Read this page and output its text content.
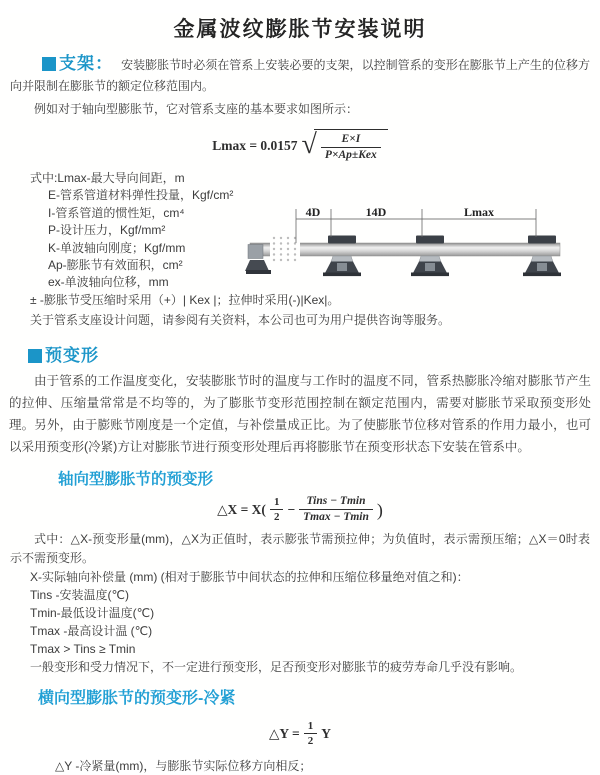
金属波纹膨胀节安装说明

支架： 安装膨胀节时必须在管系上安装必要的支架，以控制管系的变形在膨胀节上产生的位移方向并限制在膨胀节的额定位移范围内。

例如对于轴向型膨胀节，它对管系支座的基本要求如图所示：

Lmax = 0.0157 √ $\frac{E\times I}{\text{P×Ap±Kex}}$
式中:Lmax-最大导向间距，m
E-管系管道材料弹性投量，Kgf/cm²
I-管系管道的惯性矩，cm⁴
P-设计压力，Kgf/mm²
K-单波轴向刚度；Kgf/mm
Ap-膨胀节有效面积，cm²
ex-单波轴向位移，mm
± -膨胀节受压缩时采用（+）| Kex |；拉伸时采用(-)|Kex|。
关于管系支座设计问题，请参阅有关资料，本公司也可为用户提供咨询等服务。
4D	14D	Lmax
预变形

由于管系的工作温度变化，安装膨胀节时的温度与工作时的温度不同，管系热膨胀冷缩对膨胀节产生的拉伸、压缩量常常是不均等的，为了膨胀节变形范围控制在额定范围内，需要对膨胀节采取预变形处理。另外，由于膨账节刚度是一个定值，与补偿量成正比。为了使膨胀节位移对管系的作用力最小，也可以采用预变形(冷紧)方让对膨胀节进行预变形处理后再将膨胀节在预变形状态下安装在管系中。

轴向型膨胀节的预变形
△X = $X( \frac{1}{2} - \frac{\text{Tins − Tmin}}{Tmax - Tmin}$ )

式中：△X-预变形量(mm)，△X为正值时，表示膨张节需预拉伸；为负值时，表示需预压缩；△X＝0时表示不需预变形。

X-实际轴向补偿量 (mm) (相对于膨胀节中间状态的拉伸和压缩位移量绝对值之和)：
Tins -安装温度(℃)
Tmin-最低设计温度(℃)
Tmax -最高设计温 (℃)
Tmax > Tins ≥ Tmin
一般变形和受力情况下，不一定进行预变形，足否预变形对膨胀节的疲劳寿命几乎没有影响。
横向型膨胀节的预变形-冷紧
△Y = $\frac{1}{2}$ Y
△Y -冷紧量(mm)，与膨胀节实际位移方向相反；
